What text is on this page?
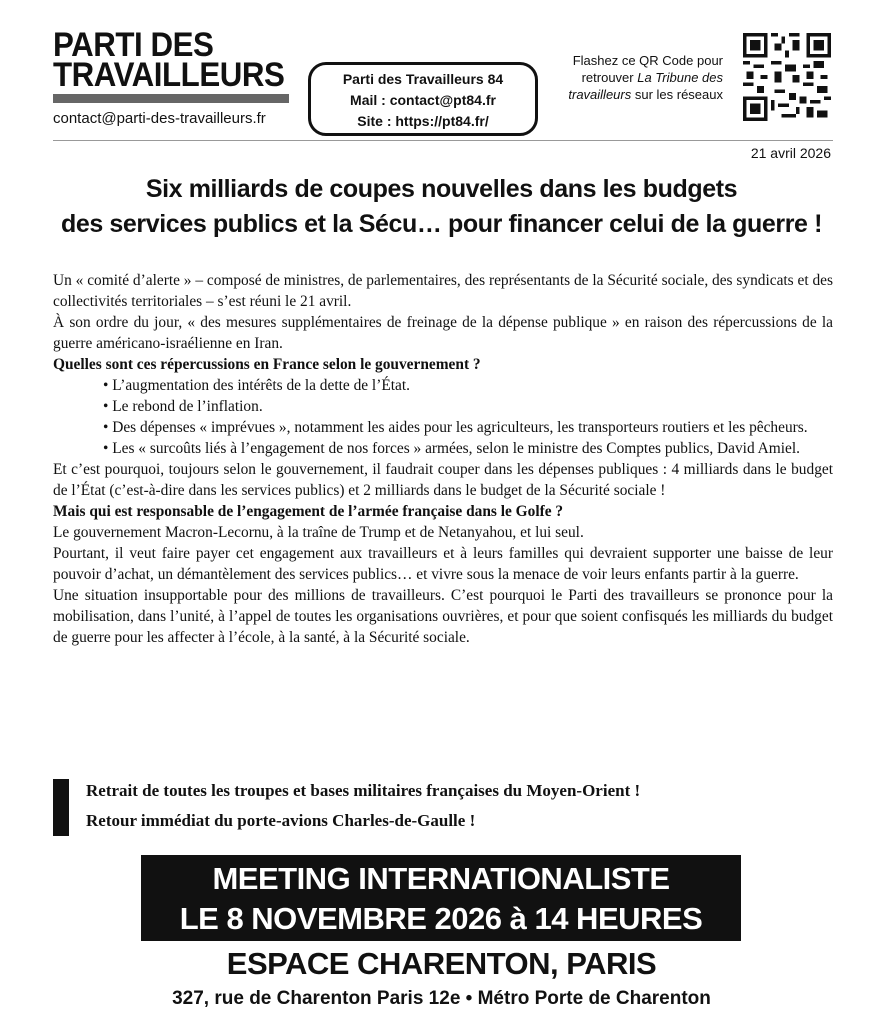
PARTI DES
TRAVAILLEURS
contact@parti-des-travailleurs.fr
Parti des Travailleurs 84
Mail : contact@pt84.fr
Site : https://pt84.fr/
Flashez ce QR Code pour retrouver La Tribune des travailleurs sur les réseaux
21 avril 2026
Six milliards de coupes nouvelles dans les budgets
des services publics et la Sécu… pour financer celui de la guerre !

Un « comité d’alerte » – composé de ministres, de parlementaires, des représentants de la Sécurité sociale, des syndicats et des collectivités territoriales – s’est réuni le 21 avril.

À son ordre du jour, « des mesures supplémentaires de freinage de la dépense publique » en raison des répercussions de la guerre américano-israélienne en Iran.

Quelles sont ces répercussions en France selon le gouvernement ?

• L’augmentation des intérêts de la dette de l’État.

• Le rebond de l’inflation.

• Des dépenses « imprévues », notamment les aides pour les agriculteurs, les transporteurs routiers et les pêcheurs.

• Les « surcoûts liés à l’engagement de nos forces » armées, selon le ministre des Comptes publics, David Amiel.

Et c’est pourquoi, toujours selon le gouvernement, il faudrait couper dans les dépenses publiques : 4 milliards dans le budget de l’État (c’est-à-dire dans les services publics) et 2 milliards dans le budget de la Sécurité sociale !

Mais qui est responsable de l’engagement de l’armée française dans le Golfe ?

Le gouvernement Macron-Lecornu, à la traîne de Trump et de Netanyahou, et lui seul.

Pourtant, il veut faire payer cet engagement aux travailleurs et à leurs familles qui devraient supporter une baisse de leur pouvoir d’achat, un démantèlement des services publics… et vivre sous la menace de voir leurs enfants partir à la guerre.

Une situation insupportable pour des millions de travailleurs. C’est pourquoi le Parti des travailleurs se prononce pour la mobilisation, dans l’unité, à l’appel de toutes les organisations ouvrières, et pour que soient confisqués les milliards du budget de guerre pour les affecter à l’école, à la santé, à la Sécurité sociale.

Retrait de toutes les troupes et bases militaires françaises du Moyen-Orient !
Retour immédiat du porte-avions Charles-de-Gaulle !
MEETING INTERNATIONALISTE
LE 8 NOVEMBRE 2026 à 14 HEURES
ESPACE CHARENTON, PARIS
327, rue de Charenton Paris 12e • Métro Porte de Charenton
